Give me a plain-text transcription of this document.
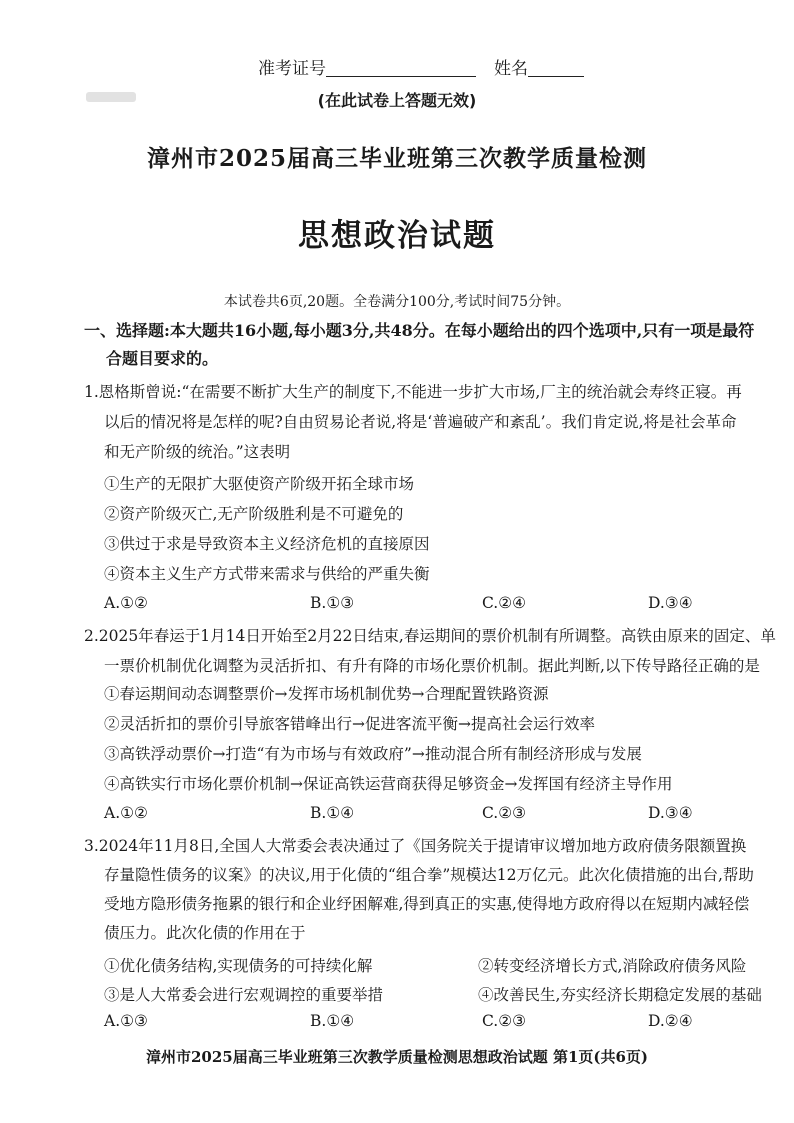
准考证号	姓名
(在此试卷上答题无效)
漳州市2025届高三毕业班第三次教学质量检测
思想政治试题
本试卷共6页,20题。全卷满分100分,考试时间75分钟。
一、选择题:本大题共16小题,每小题3分,共48分。在每小题给出的四个选项中,只有一项是最符
合题目要求的。
1.恩格斯曾说:“在需要不断扩大生产的制度下,不能进一步扩大市场,厂主的统治就会寿终正寝。再
以后的情况将是怎样的呢?自由贸易论者说,将是‘普遍破产和紊乱’。我们肯定说,将是社会革命
和无产阶级的统治。”这表明
①生产的无限扩大驱使资产阶级开拓全球市场
②资产阶级灭亡,无产阶级胜利是不可避免的
③供过于求是导致资本主义经济危机的直接原因
④资本主义生产方式带来需求与供给的严重失衡
A.①②	B.①③	C.②④	D.③④
2.2025年春运于1月14日开始至2月22日结束,春运期间的票价机制有所调整。高铁由原来的固定、单
一票价机制优化调整为灵活折扣、有升有降的市场化票价机制。据此判断,以下传导路径正确的是
①春运期间动态调整票价→发挥市场机制优势→合理配置铁路资源
②灵活折扣的票价引导旅客错峰出行→促进客流平衡→提高社会运行效率
③高铁浮动票价→打造“有为市场与有效政府”→推动混合所有制经济形成与发展
④高铁实行市场化票价机制→保证高铁运营商获得足够资金→发挥国有经济主导作用
A.①②	B.①④	C.②③	D.③④
3.2024年11月8日,全国人大常委会表决通过了《国务院关于提请审议增加地方政府债务限额置换
存量隐性债务的议案》的决议,用于化债的“组合拳”规模达12万亿元。此次化债措施的出台,帮助
受地方隐形债务拖累的银行和企业纾困解难,得到真正的实惠,使得地方政府得以在短期内减轻偿
债压力。此次化债的作用在于
①优化债务结构,实现债务的可持续化解	②转变经济增长方式,消除政府债务风险
③是人大常委会进行宏观调控的重要举措	④改善民生,夯实经济长期稳定发展的基础
A.①③	B.①④	C.②③	D.②④
漳州市2025届高三毕业班第三次教学质量检测思想政治试题 第1页(共6页)
